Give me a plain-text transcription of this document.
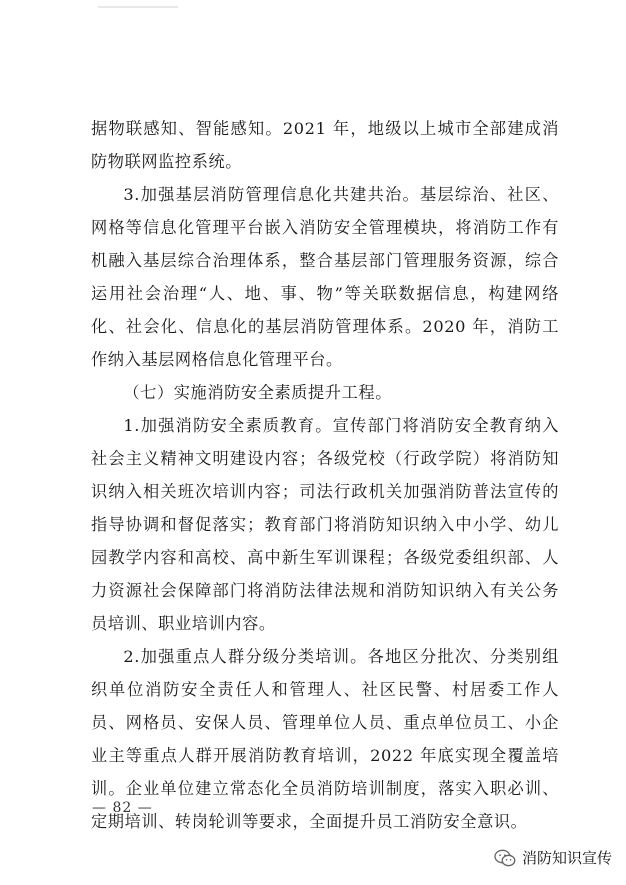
据物联感知、智能感知。2021 年，地级以上城市全部建成消防物联网监控系统。

3.加强基层消防管理信息化共建共治。基层综治、社区、网格等信息化管理平台嵌入消防安全管理模块，将消防工作有机融入基层综合治理体系，整合基层部门管理服务资源，综合运用社会治理“人、地、事、物”等关联数据信息，构建网络化、社会化、信息化的基层消防管理体系。2020 年，消防工作纳入基层网格信息化管理平台。

（七）实施消防安全素质提升工程。

1.加强消防安全素质教育。宣传部门将消防安全教育纳入社会主义精神文明建设内容；各级党校（行政学院）将消防知识纳入相关班次培训内容；司法行政机关加强消防普法宣传的指导协调和督促落实；教育部门将消防知识纳入中小学、幼儿园教学内容和高校、高中新生军训课程；各级党委组织部、人力资源社会保障部门将消防法律法规和消防知识纳入有关公务员培训、职业培训内容。

2.加强重点人群分级分类培训。各地区分批次、分类别组织单位消防安全责任人和管理人、社区民警、村居委工作人员、网格员、安保人员、管理单位人员、重点单位员工、小企业主等重点人群开展消防教育培训，2022 年底实现全覆盖培训。企业单位建立常态化全员消防培训制度，落实入职必训、定期培训、转岗轮训等要求，全面提升员工消防安全意识。

— 82 —
消防知识宣传
